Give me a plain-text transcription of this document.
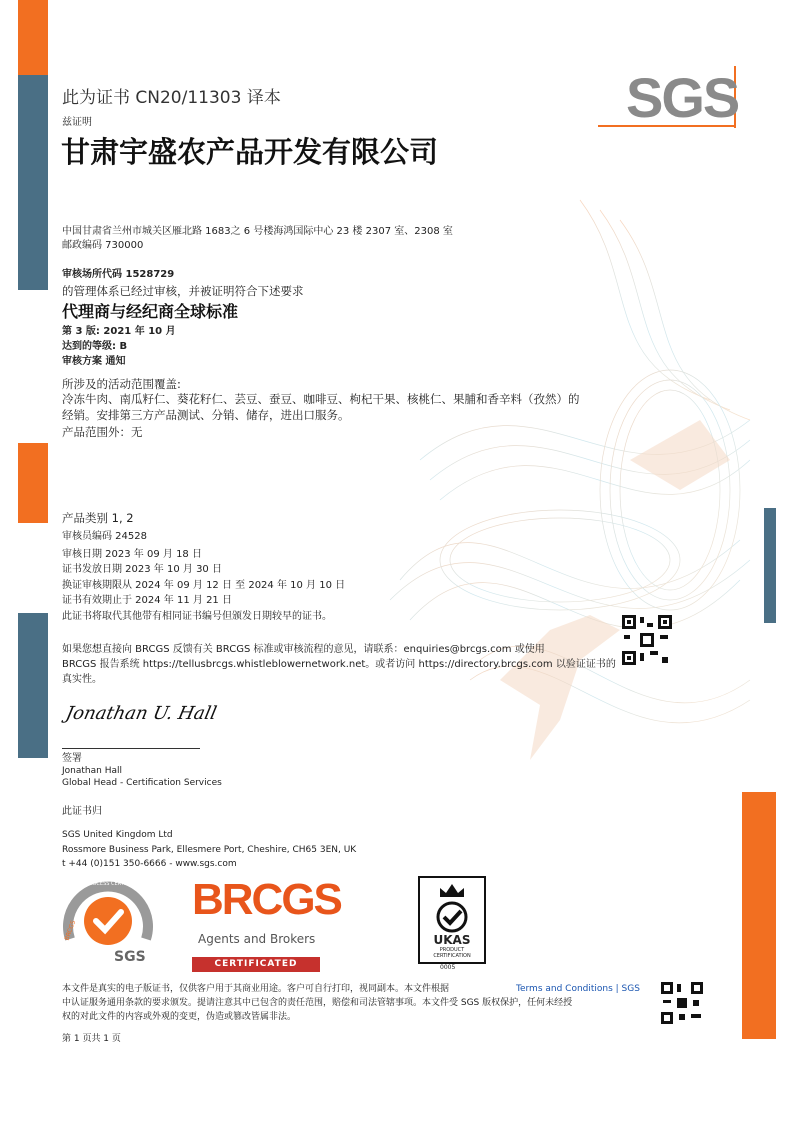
SGS
此为证书 CN20/11303 译本
兹证明
甘肃宇盛农产品开发有限公司
中国甘肃省兰州市城关区雁北路 1683之 6 号楼海鸿国际中心 23 楼 2307 室、2308 室
邮政编码 730000
审核场所代码 1528729
的管理体系已经过审核，并被证明符合下述要求
代理商与经纪商全球标准
第 3 版: 2021 年 10 月
达到的等级: B
审核方案 通知
所涉及的活动范围覆盖:
冷冻牛肉、南瓜籽仁、葵花籽仁、芸豆、蚕豆、咖啡豆、枸杞干果、核桃仁、果脯和香辛料（孜然）的
经销。安排第三方产品测试、分销、储存，进出口服务。
产品范围外：无
产品类别 1, 2
审核员编码 24528
审核日期 2023 年 09 月 18 日
证书发放日期 2023 年 10 月 30 日
换证审核期限从 2024 年 09 月 12 日 至 2024 年 10 月 10 日
证书有效期止于 2024 年 11 月 21 日
此证书将取代其他带有相同证书编号但颁发日期较早的证书。
如果您想直接向 BRCGS 反馈有关 BRCGS 标准或审核流程的意见，请联系：enquiries@brcgs.com 或使用
BRCGS 报告系统 https://tellusbrcgs.whistleblowernetwork.net。或者访问 https://directory.brcgs.com 以验证证书的
真实性。
Jonathan U. Hall
签署
Jonathan Hall
Global Head - Certification Services
此证书归
SGS United Kingdom Ltd
Rossmore Business Park, Ellesmere Port, Cheshire, CH65 3EN, UK
t +44 (0)151 350-6666 - www.sgs.com
PROCESS CERTIFICATION
BRCGS
SGS
BRCGS
Agents and Brokers
CERTIFICATED
UKAS
PRODUCT
CERTIFICATION
0005
本文件是真实的电子版证书，仅供客户用于其商业用途。客户可自行打印，视同副本。本文件根据	Terms and Conditions | SGS
中认证服务通用条款的要求颁发。提请注意其中已包含的责任范围，赔偿和司法管辖事项。本文件受 SGS 版权保护，任何未经授
权的对此文件的内容或外观的变更，伪造或篡改皆属非法。
第 1 页共 1 页
